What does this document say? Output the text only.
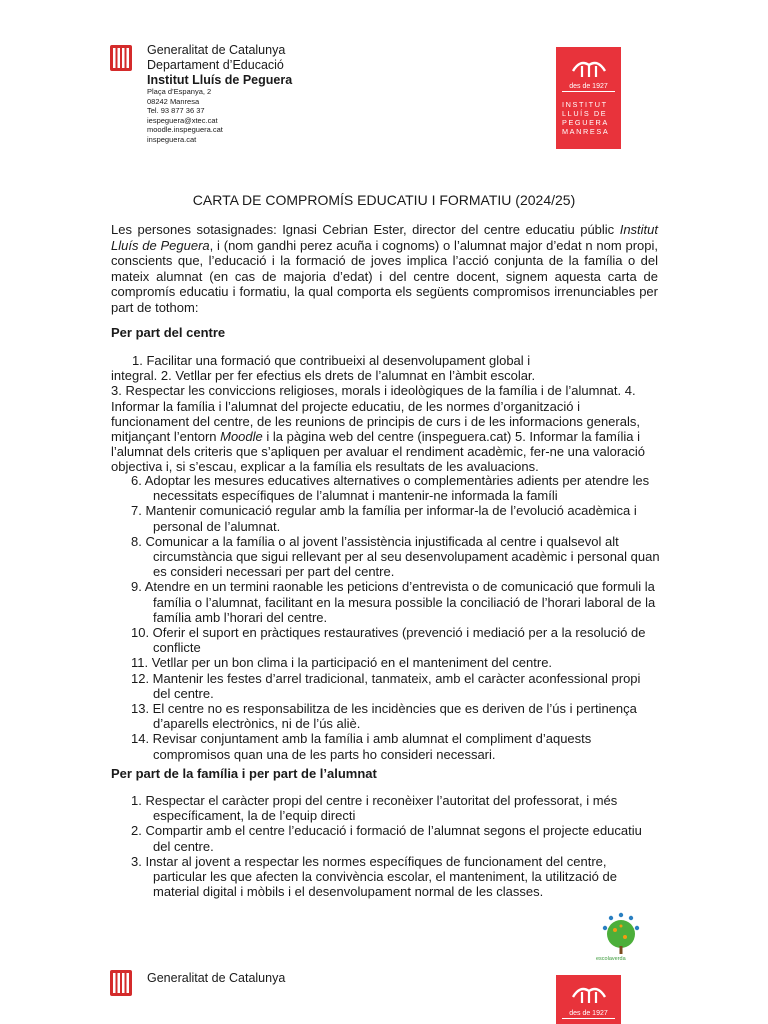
Generalitat de Catalunya
Departament d’Educació
Institut Lluís de Peguera
Plaça d’Espanya, 2
08242 Manresa
Tel. 93 877 36 37
iespeguera@xtec.cat
moodle.inspeguera.cat
inspeguera.cat
des de 1927
INSTITUT
LLUÍS DE
PEGUERA
MANRESA
CARTA DE COMPROMÍS EDUCATIU I FORMATIU (2024/25)
Les persones sotasignades: Ignasi Cebrian Ester, director del centre educatiu públic Institut Lluís de Peguera, i (nom gandhi perez acuña i cognoms) o l’alumnat major d’edat n nom propi, conscients que, l’educació i la formació de joves implica l’acció conjunta de la família o del mateix alumnat (en cas de majoria d’edat) i del centre docent, signem aquesta carta de compromís educatiu i formatiu, la qual comporta els següents compromisos irrenunciables per part de tothom:
Per part del centre
1. Facilitar una formació que contribueixi al desenvolupament global i
integral. 2. Vetllar per fer efectius els drets de l’alumnat en l’àmbit escolar.
3. Respectar les conviccions religioses, morals i ideològiques de la família i de l’alumnat. 4. Informar la família i l’alumnat del projecte educatiu, de les normes d’organització i funcionament del centre, de les reunions de principis de curs i de les informacions generals, mitjançant l’entorn Moodle i la pàgina web del centre (inspeguera.cat) 5. Informar la família i l’alumnat dels criteris que s’apliquen per avaluar el rendiment acadèmic, fer-ne una valoració objectiva i, si s’escau, explicar a la família els resultats de les avaluacions.
6. Adoptar les mesures educatives alternatives o complementàries adients per atendre les necessitats específiques de l’alumnat i mantenir-ne informada la famíli
7. Mantenir comunicació regular amb la família per informar-la de l’evolució acadèmica i personal de l’alumnat.
8. Comunicar a la família o al jovent l’assistència injustificada al centre i qualsevol alt circumstància que sigui rellevant per al seu desenvolupament acadèmic i personal quan es consideri necessari per part del centre.
9. Atendre en un termini raonable les peticions d’entrevista o de comunicació que formuli la família o l’alumnat, facilitant en la mesura possible la conciliació de l’horari laboral de la família amb l’horari del centre.
10. Oferir el suport en pràctiques restauratives (prevenció i mediació per a la resolució de conflicte
11. Vetllar per un bon clima i la participació en el manteniment del centre.
12. Mantenir les festes d’arrel tradicional, tanmateix, amb el caràcter aconfessional propi del centre.
13. El centre no es responsabilitza de les incidències que es deriven de l’ús i pertinença d’aparells electrònics, ni de l’ús aliè.
14. Revisar conjuntament amb la família i amb alumnat el compliment d’aquests compromisos quan una de les parts ho consideri necessari.
Per part de la família i per part de l’alumnat
1. Respectar el caràcter propi del centre i reconèixer l’autoritat del professorat, i més específicament, la de l’equip directi
2. Compartir amb el centre l’educació i formació de l’alumnat segons el projecte educatiu del centre.
3. Instar al jovent a respectar les normes específiques de funcionament del centre, particular les que afecten la convivència escolar, el manteniment, la utilització de material digital i mòbils i el desenvolupament normal de les classes.
escolaverda
Generalitat de Catalunya
des de 1927
